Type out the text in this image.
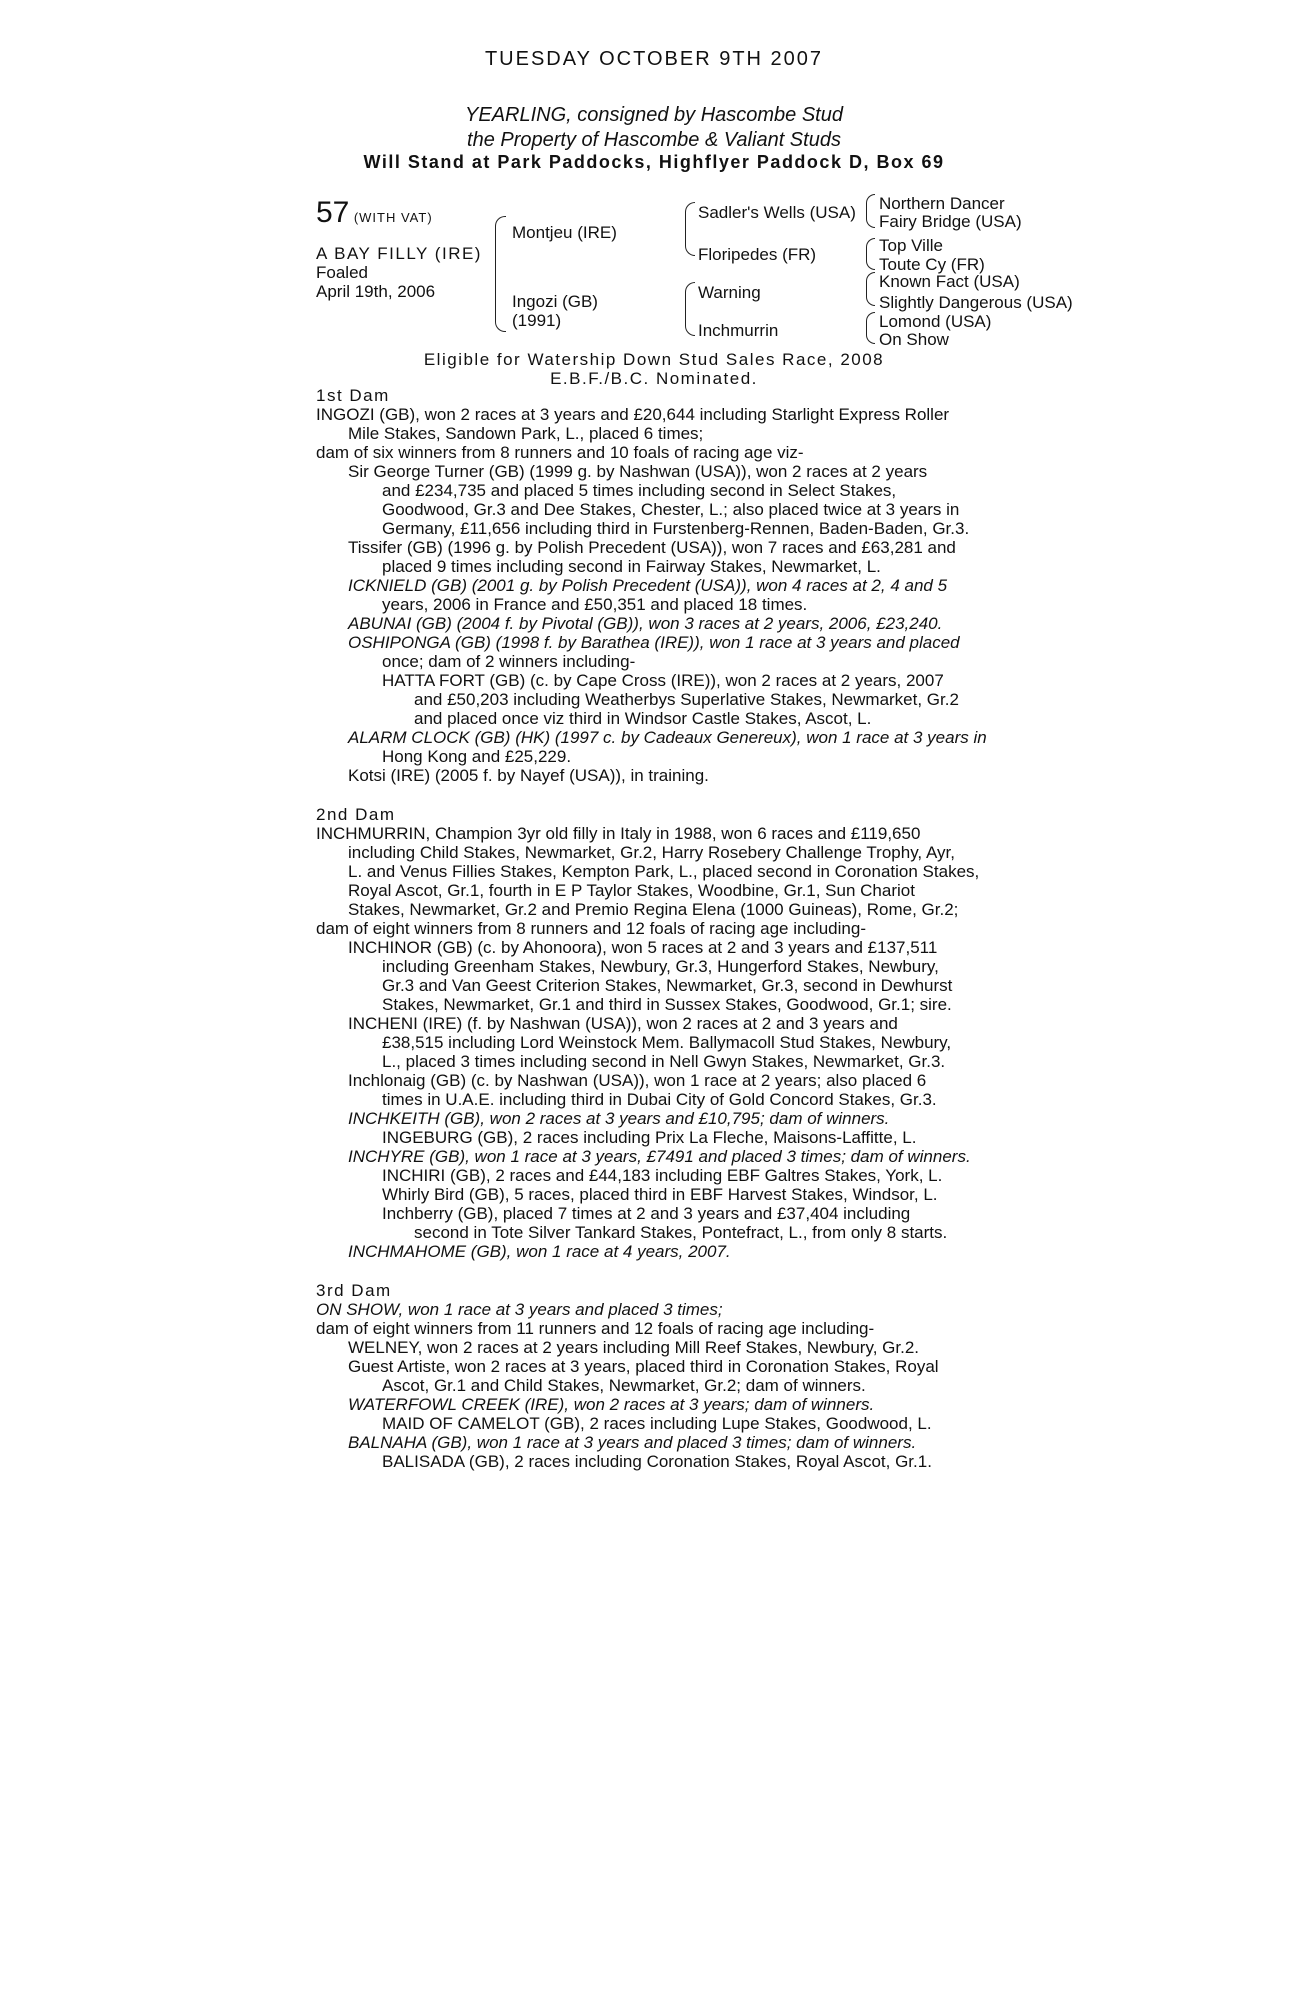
TUESDAY OCTOBER 9TH 2007
YEARLING, consigned by Hascombe Stud
the Property of Hascombe & Valiant Studs
Will Stand at Park Paddocks, Highflyer Paddock D, Box 69
57 (WITH VAT)
A BAY FILLY (IRE)
Foaled
April 19th, 2006
Montjeu (IRE)
Ingozi (GB)
(1991)
Sadler's Wells (USA)
Floripedes (FR)
Warning
Inchmurrin
Northern Dancer
Fairy Bridge (USA)
Top Ville
Toute Cy (FR)
Known Fact (USA)
Slightly Dangerous (USA)
Lomond (USA)
On Show
Eligible for Watership Down Stud Sales Race, 2008
E.B.F./B.C. Nominated.
1st Dam
INGOZI (GB), won 2 races at 3 years and £20,644 including Starlight Express Roller
Mile Stakes, Sandown Park, L., placed 6 times;
dam of six winners from 8 runners and 10 foals of racing age viz-
Sir George Turner (GB) (1999 g. by Nashwan (USA)), won 2 races at 2 years
and £234,735 and placed 5 times including second in Select Stakes,
Goodwood, Gr.3 and Dee Stakes, Chester, L.; also placed twice at 3 years in
Germany, £11,656 including third in Furstenberg-Rennen, Baden-Baden, Gr.3.
Tissifer (GB) (1996 g. by Polish Precedent (USA)), won 7 races and £63,281 and
placed 9 times including second in Fairway Stakes, Newmarket, L.
ICKNIELD (GB) (2001 g. by Polish Precedent (USA)), won 4 races at 2, 4 and 5
years, 2006 in France and £50,351 and placed 18 times.
ABUNAI (GB) (2004 f. by Pivotal (GB)), won 3 races at 2 years, 2006, £23,240.
OSHIPONGA (GB) (1998 f. by Barathea (IRE)), won 1 race at 3 years and placed
once; dam of 2 winners including-
HATTA FORT (GB) (c. by Cape Cross (IRE)), won 2 races at 2 years, 2007
and £50,203 including Weatherbys Superlative Stakes, Newmarket, Gr.2
and placed once viz third in Windsor Castle Stakes, Ascot, L.
ALARM CLOCK (GB) (HK) (1997 c. by Cadeaux Genereux), won 1 race at 3 years in
Hong Kong and £25,229.
Kotsi (IRE) (2005 f. by Nayef (USA)), in training.
2nd Dam
INCHMURRIN, Champion 3yr old filly in Italy in 1988, won 6 races and £119,650
including Child Stakes, Newmarket, Gr.2, Harry Rosebery Challenge Trophy, Ayr,
L. and Venus Fillies Stakes, Kempton Park, L., placed second in Coronation Stakes,
Royal Ascot, Gr.1, fourth in E P Taylor Stakes, Woodbine, Gr.1, Sun Chariot
Stakes, Newmarket, Gr.2 and Premio Regina Elena (1000 Guineas), Rome, Gr.2;
dam of eight winners from 8 runners and 12 foals of racing age including-
INCHINOR (GB) (c. by Ahonoora), won 5 races at 2 and 3 years and £137,511
including Greenham Stakes, Newbury, Gr.3, Hungerford Stakes, Newbury,
Gr.3 and Van Geest Criterion Stakes, Newmarket, Gr.3, second in Dewhurst
Stakes, Newmarket, Gr.1 and third in Sussex Stakes, Goodwood, Gr.1; sire.
INCHENI (IRE) (f. by Nashwan (USA)), won 2 races at 2 and 3 years and
£38,515 including Lord Weinstock Mem. Ballymacoll Stud Stakes, Newbury,
L., placed 3 times including second in Nell Gwyn Stakes, Newmarket, Gr.3.
Inchlonaig (GB) (c. by Nashwan (USA)), won 1 race at 2 years; also placed 6
times in U.A.E. including third in Dubai City of Gold Concord Stakes, Gr.3.
INCHKEITH (GB), won 2 races at 3 years and £10,795; dam of winners.
INGEBURG (GB), 2 races including Prix La Fleche, Maisons-Laffitte, L.
INCHYRE (GB), won 1 race at 3 years, £7491 and placed 3 times; dam of winners.
INCHIRI (GB), 2 races and £44,183 including EBF Galtres Stakes, York, L.
Whirly Bird (GB), 5 races, placed third in EBF Harvest Stakes, Windsor, L.
Inchberry (GB), placed 7 times at 2 and 3 years and £37,404 including
second in Tote Silver Tankard Stakes, Pontefract, L., from only 8 starts.
INCHMAHOME (GB), won 1 race at 4 years, 2007.
3rd Dam
ON SHOW, won 1 race at 3 years and placed 3 times;
dam of eight winners from 11 runners and 12 foals of racing age including-
WELNEY, won 2 races at 2 years including Mill Reef Stakes, Newbury, Gr.2.
Guest Artiste, won 2 races at 3 years, placed third in Coronation Stakes, Royal
Ascot, Gr.1 and Child Stakes, Newmarket, Gr.2; dam of winners.
WATERFOWL CREEK (IRE), won 2 races at 3 years; dam of winners.
MAID OF CAMELOT (GB), 2 races including Lupe Stakes, Goodwood, L.
BALNAHA (GB), won 1 race at 3 years and placed 3 times; dam of winners.
BALISADA (GB), 2 races including Coronation Stakes, Royal Ascot, Gr.1.
